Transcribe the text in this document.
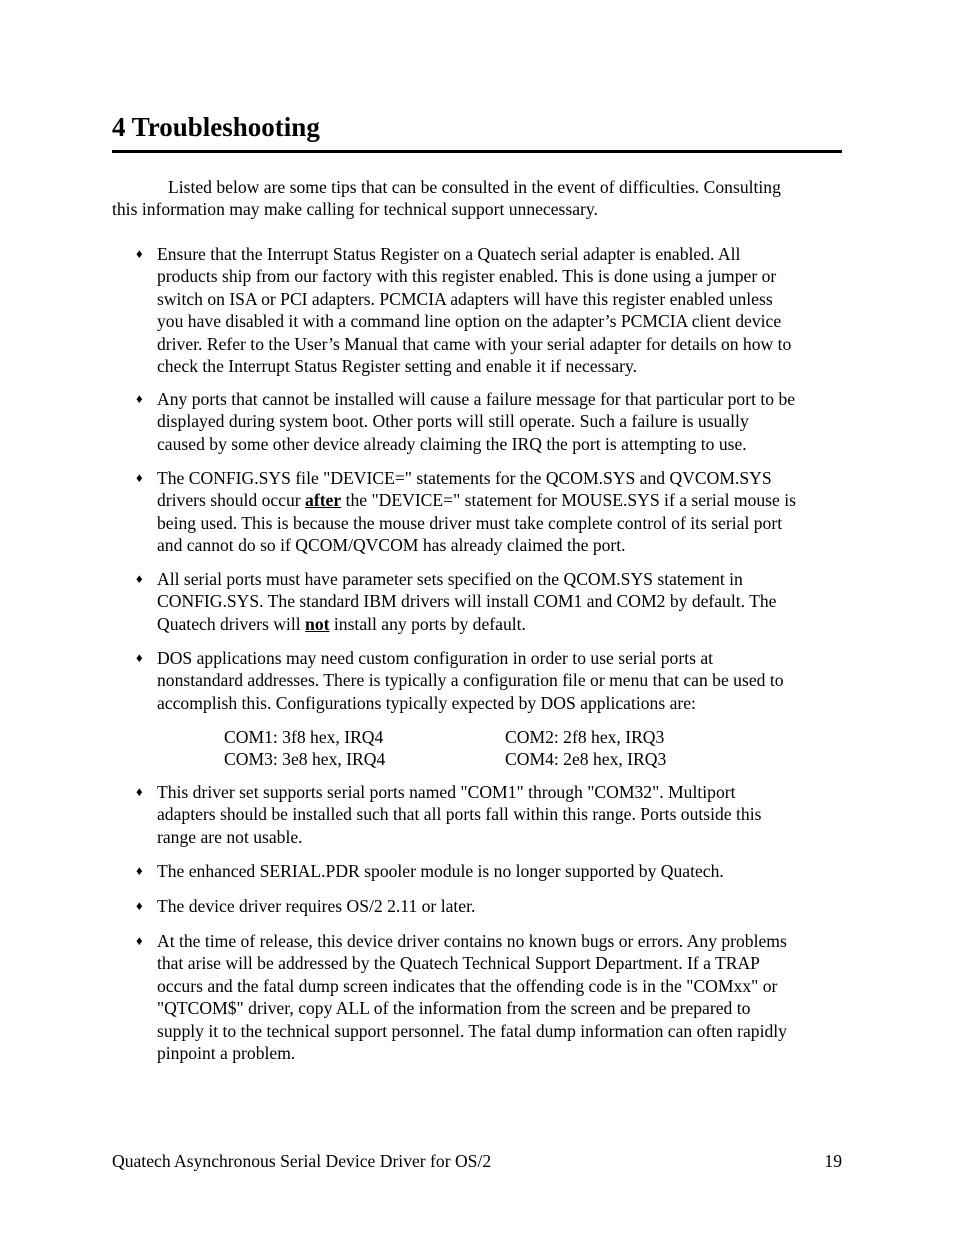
4 Troubleshooting
Listed below are some tips that can be consulted in the event of difficulties. Consulting
this information may make calling for technical support unnecessary.
♦ Ensure that the Interrupt Status Register on a Quatech serial adapter is enabled. All
products ship from our factory with this register enabled. This is done using a jumper or
switch on ISA or PCI adapters. PCMCIA adapters will have this register enabled unless
you have disabled it with a command line option on the adapter’s PCMCIA client device
driver. Refer to the User’s Manual that came with your serial adapter for details on how to
check the Interrupt Status Register setting and enable it if necessary.
♦ Any ports that cannot be installed will cause a failure message for that particular port to be
displayed during system boot. Other ports will still operate. Such a failure is usually
caused by some other device already claiming the IRQ the port is attempting to use.
♦ The CONFIG.SYS file "DEVICE=" statements for the QCOM.SYS and QVCOM.SYS
drivers should occur after the "DEVICE=" statement for MOUSE.SYS if a serial mouse is
being used. This is because the mouse driver must take complete control of its serial port
and cannot do so if QCOM/QVCOM has already claimed the port.
♦ All serial ports must have parameter sets specified on the QCOM.SYS statement in
CONFIG.SYS. The standard IBM drivers will install COM1 and COM2 by default. The
Quatech drivers will not install any ports by default.
♦ DOS applications may need custom configuration in order to use serial ports at
nonstandard addresses. There is typically a configuration file or menu that can be used to
accomplish this. Configurations typically expected by DOS applications are:
♦ This driver set supports serial ports named "COM1" through "COM32". Multiport
adapters should be installed such that all ports fall within this range. Ports outside this
range are not usable.
♦ The enhanced SERIAL.PDR spooler module is no longer supported by Quatech.
♦ The device driver requires OS/2 2.11 or later.
♦ At the time of release, this device driver contains no known bugs or errors. Any problems
that arise will be addressed by the Quatech Technical Support Department. If a TRAP
occurs and the fatal dump screen indicates that the offending code is in the "COMxx" or
"QTCOM$" driver, copy ALL of the information from the screen and be prepared to
supply it to the technical support personnel. The fatal dump information can often rapidly
pinpoint a problem.
COM1: 3f8 hex, IRQ4
COM3: 3e8 hex, IRQ4
COM2: 2f8 hex, IRQ3
COM4: 2e8 hex, IRQ3
Quatech Asynchronous Serial Device Driver for OS/2	19
